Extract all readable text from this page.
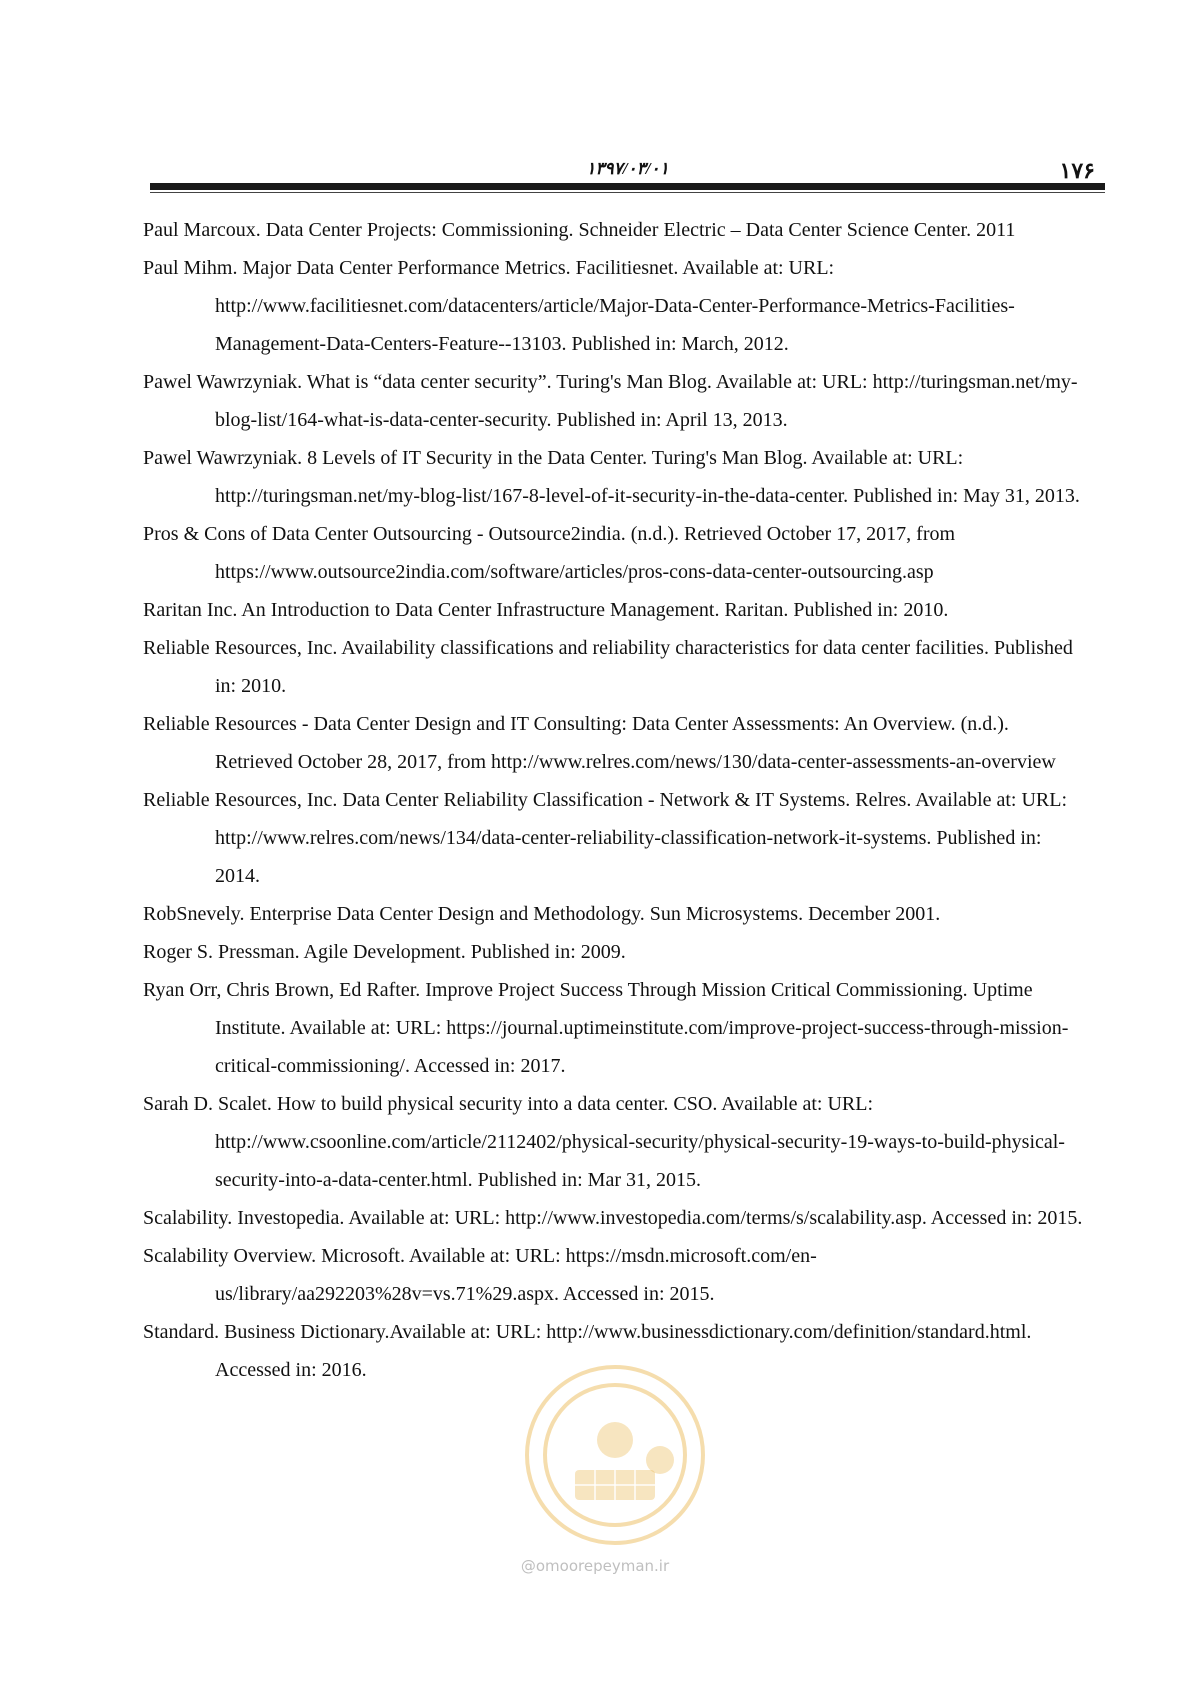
۱۳۹۷/۰۳/۰۱	۱۷۶
Paul Marcoux. Data Center Projects: Commissioning. Schneider Electric – Data Center Science Center. 2011
Paul Mihm. Major Data Center Performance Metrics. Facilitiesnet. Available at: URL: http://www.facilitiesnet.com/datacenters/article/Major-Data-Center-Performance-Metrics-Facilities-Management-Data-Centers-Feature--13103. Published in: March, 2012.
Pawel Wawrzyniak. What is “data center security”. Turing's Man Blog. Available at: URL: http://turingsman.net/my-blog-list/164-what-is-data-center-security. Published in: April 13, 2013.
Pawel Wawrzyniak. 8 Levels of IT Security in the Data Center. Turing's Man Blog. Available at: URL: http://turingsman.net/my-blog-list/167-8-level-of-it-security-in-the-data-center. Published in: May 31, 2013.
Pros & Cons of Data Center Outsourcing - Outsource2india. (n.d.). Retrieved October 17, 2017, from https://www.outsource2india.com/software/articles/pros-cons-data-center-outsourcing.asp
Raritan Inc. An Introduction to Data Center Infrastructure Management. Raritan. Published in: 2010.
Reliable Resources, Inc. Availability classifications and reliability characteristics for data center facilities. Published in: 2010.
Reliable Resources - Data Center Design and IT Consulting: Data Center Assessments: An Overview. (n.d.). Retrieved October 28, 2017, from http://www.relres.com/news/130/data-center-assessments-an-overview
Reliable Resources, Inc. Data Center Reliability Classification - Network & IT Systems. Relres. Available at: URL: http://www.relres.com/news/134/data-center-reliability-classification-network-it-systems. Published in: 2014.
RobSnevely. Enterprise Data Center Design and Methodology. Sun Microsystems. December 2001.
Roger S. Pressman. Agile Development. Published in: 2009.
Ryan Orr, Chris Brown, Ed Rafter. Improve Project Success Through Mission Critical Commissioning. Uptime Institute. Available at: URL: https://journal.uptimeinstitute.com/improve-project-success-through-mission-critical-commissioning/. Accessed in: 2017.
Sarah D. Scalet. How to build physical security into a data center. CSO. Available at: URL: http://www.csoonline.com/article/2112402/physical-security/physical-security-19-ways-to-build-physical-security-into-a-data-center.html. Published in: Mar 31, 2015.
Scalability. Investopedia. Available at: URL: http://www.investopedia.com/terms/s/scalability.asp. Accessed in: 2015.
Scalability Overview. Microsoft. Available at: URL: https://msdn.microsoft.com/en-us/library/aa292203%28v=vs.71%29.aspx. Accessed in: 2015.
Standard. Business Dictionary.Available at: URL: http://www.businessdictionary.com/definition/standard.html. Accessed in: 2016.
@omoorepeyman.ir
